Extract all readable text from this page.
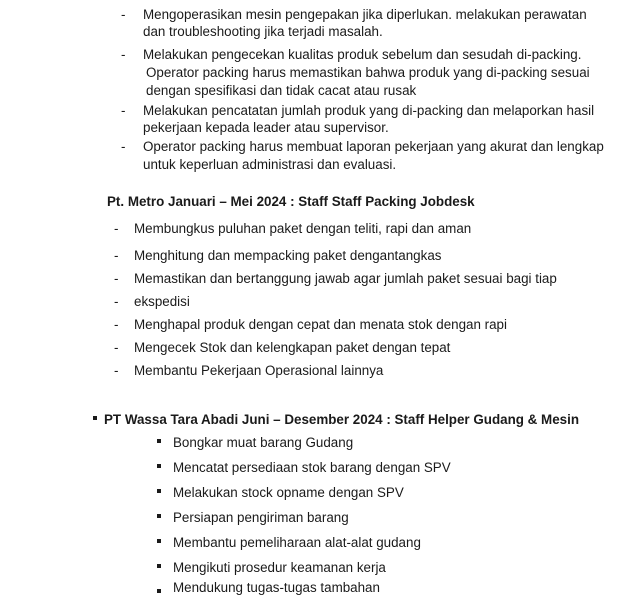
- Mengoperasikan mesin pengepakan jika diperlukan. melakukan perawatan
dan troubleshooting jika terjadi masalah.
- Melakukan pengecekan kualitas produk sebelum dan sesudah di-packing.
Operator packing harus memastikan bahwa produk yang di-packing sesuai
dengan spesifikasi dan tidak cacat atau rusak
- Melakukan pencatatan jumlah produk yang di-packing dan melaporkan hasil
pekerjaan kepada leader atau supervisor.
- Operator packing harus membuat laporan pekerjaan yang akurat dan lengkap
untuk keperluan administrasi dan evaluasi.
Pt. Metro Januari – Mei 2024 : Staff Staff Packing Jobdesk
- Membungkus puluhan paket dengan teliti, rapi dan aman
- Menghitung dan mempacking paket dengantangkas
- Memastikan dan bertanggung jawab agar jumlah paket sesuai bagi tiap
- ekspedisi
- Menghapal produk dengan cepat dan menata stok dengan rapi
- Mengecek Stok dan kelengkapan paket dengan tepat
- Membantu Pekerjaan Operasional lainnya
PT Wassa Tara Abadi Juni – Desember 2024 : Staff Helper Gudang & Mesin
Bongkar muat barang Gudang
Mencatat persediaan stok barang dengan SPV
Melakukan stock opname dengan SPV
Persiapan pengiriman barang
Membantu pemeliharaan alat-alat gudang
Mengikuti prosedur keamanan kerja
Mendukung tugas-tugas tambahan
